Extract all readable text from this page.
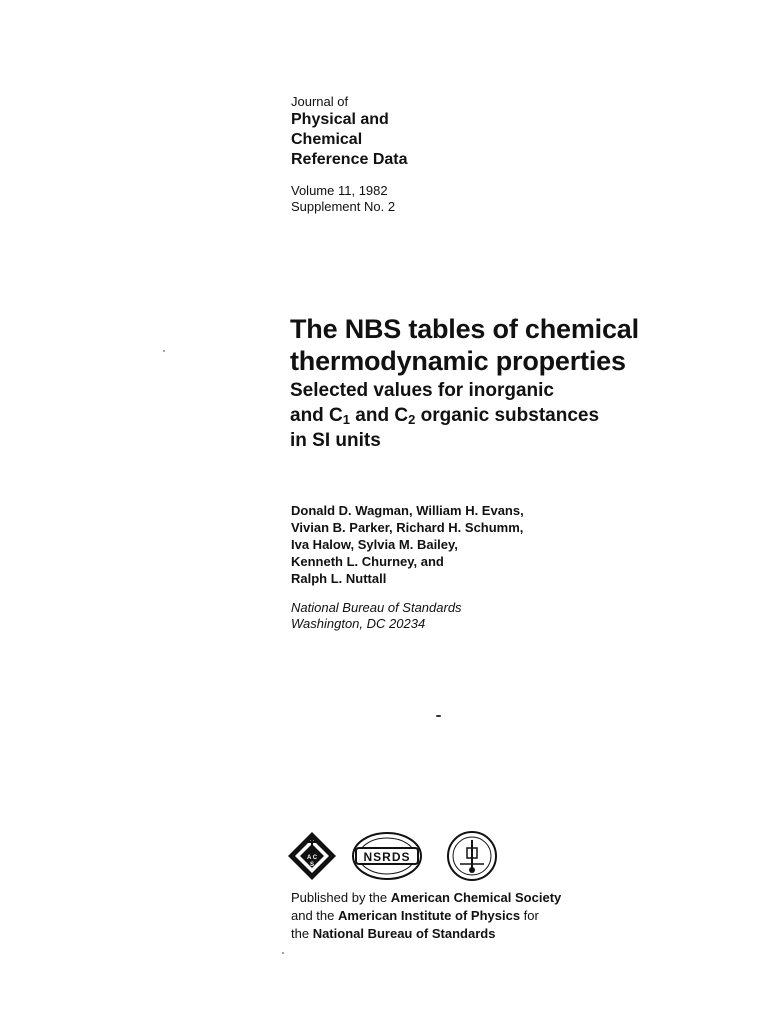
Journal of
Physical and
Chemical
Reference Data
Volume 11, 1982
Supplement No. 2
The NBS tables of chemical
thermodynamic properties
Selected values for inorganic
and $C_1$ and $C_2$ organic substances
in SI units
Donald D. Wagman, William H. Evans,
Vivian B. Parker, Richard H. Schumm,
Iva Halow, Sylvia M. Bailey,
Kenneth L. Churney, and
Ralph L. Nuttall
National Bureau of Standards
Washington, DC 20234
A C
S
NSRDS
Published by the American Chemical Society
and the American Institute of Physics for
the National Bureau of Standards
